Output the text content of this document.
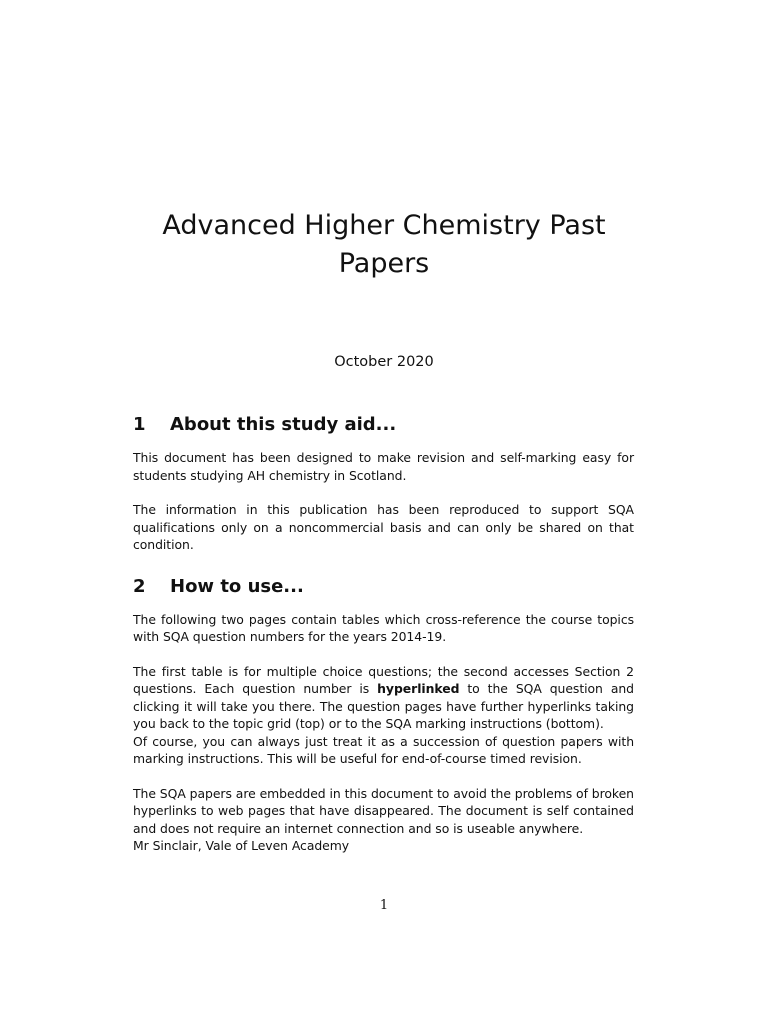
Advanced Higher Chemistry Past
Papers
October 2020
1 About this study aid...

This document has been designed to make revision and self-marking easy for students studying AH chemistry in Scotland.

The information in this publication has been reproduced to support SQA qualifications only on a noncommercial basis and can only be shared on that condition.

2 How to use...

The following two pages contain tables which cross-reference the course topics with SQA question numbers for the years 2014-19.

The first table is for multiple choice questions; the second accesses Section 2 questions. Each question number is hyperlinked to the SQA question and clicking it will take you there. The question pages have further hyperlinks taking you back to the topic grid (top) or to the SQA marking instructions (bottom).

Of course, you can always just treat it as a succession of question papers with marking instructions. This will be useful for end-of-course timed revision.

The SQA papers are embedded in this document to avoid the problems of broken hyperlinks to web pages that have disappeared. The document is self contained and does not require an internet connection and so is useable anywhere.

Mr Sinclair, Vale of Leven Academy

1
